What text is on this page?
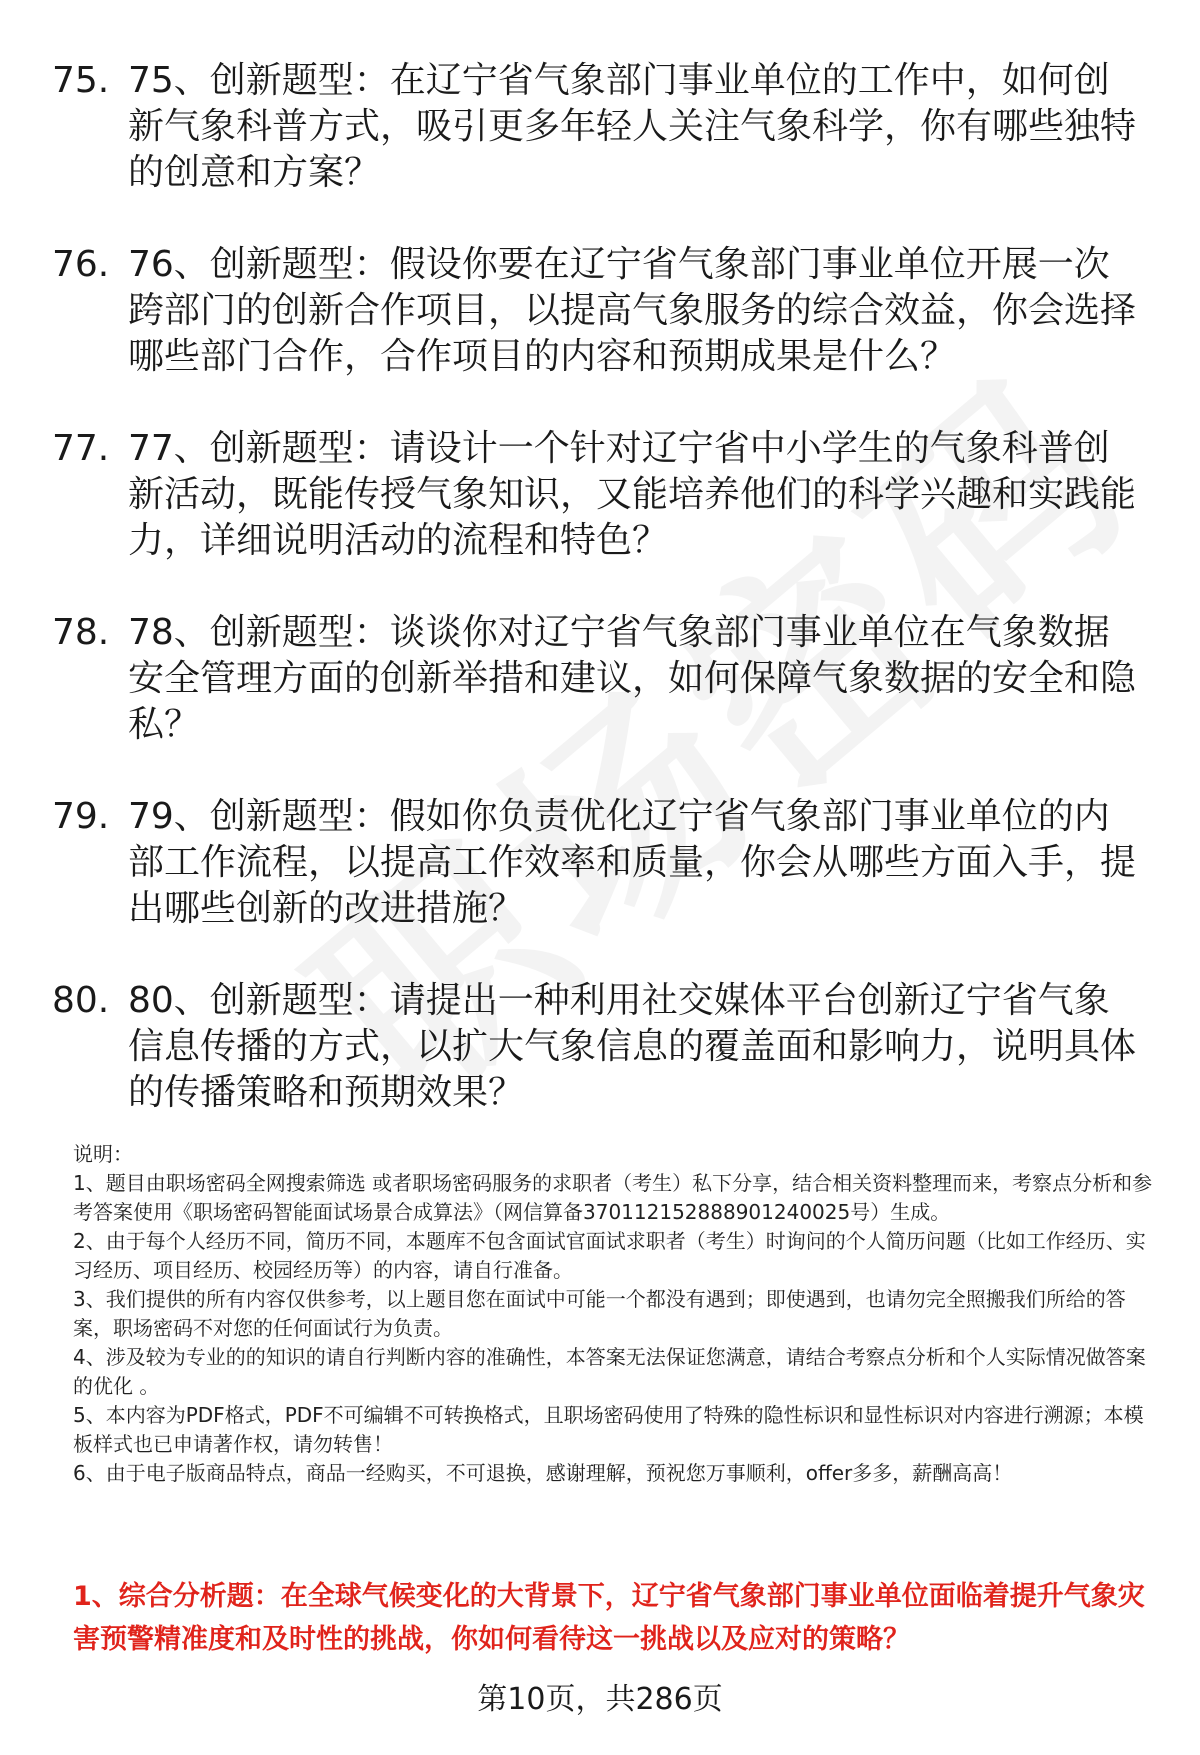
75. 75、创新题型：在辽宁省气象部门事业单位的工作中，如何创新气象科普方式，吸引更多年轻人关注气象科学，你有哪些独特的创意和方案？
76. 76、创新题型：假设你要在辽宁省气象部门事业单位开展一次跨部门的创新合作项目，以提高气象服务的综合效益，你会选择哪些部门合作，合作项目的内容和预期成果是什么？
77. 77、创新题型：请设计一个针对辽宁省中小学生的气象科普创新活动，既能传授气象知识，又能培养他们的科学兴趣和实践能力，详细说明活动的流程和特色？
78. 78、创新题型：谈谈你对辽宁省气象部门事业单位在气象数据安全管理方面的创新举措和建议，如何保障气象数据的安全和隐私？
79. 79、创新题型：假如你负责优化辽宁省气象部门事业单位的内部工作流程，以提高工作效率和质量，你会从哪些方面入手，提出哪些创新的改进措施？
80. 80、创新题型：请提出一种利用社交媒体平台创新辽宁省气象信息传播的方式，以扩大气象信息的覆盖面和影响力，说明具体的传播策略和预期效果？

说明：

1、题目由职场密码全网搜索筛选 或者职场密码服务的求职者（考生）私下分享，结合相关资料整理而来，考察点分析和参考答案使用《职场密码智能面试场景合成算法》（网信算备370112152888901240025号）生成。

2、由于每个人经历不同，简历不同，本题库不包含面试官面试求职者（考生）时询问的个人简历问题（比如工作经历、实习经历、项目经历、校园经历等）的内容，请自行准备。

3、我们提供的所有内容仅供参考，以上题目您在面试中可能一个都没有遇到；即使遇到，也请勿完全照搬我们所给的答案，职场密码不对您的任何面试行为负责。

4、涉及较为专业的的知识的请自行判断内容的准确性，本答案无法保证您满意，请结合考察点分析和个人实际情况做答案的优化 。

5、本内容为PDF格式，PDF不可编辑不可转换格式，且职场密码使用了特殊的隐性标识和显性标识对内容进行溯源；本模板样式也已申请著作权，请勿转售！

6、由于电子版商品特点，商品一经购买，不可退换，感谢理解，预祝您万事顺利，offer多多，薪酬高高！

1、综合分析题：在全球气候变化的大背景下，辽宁省气象部门事业单位面临着提升气象灾害预警精准度和及时性的挑战，你如何看待这一挑战以及应对的策略？
第10页，共286页
